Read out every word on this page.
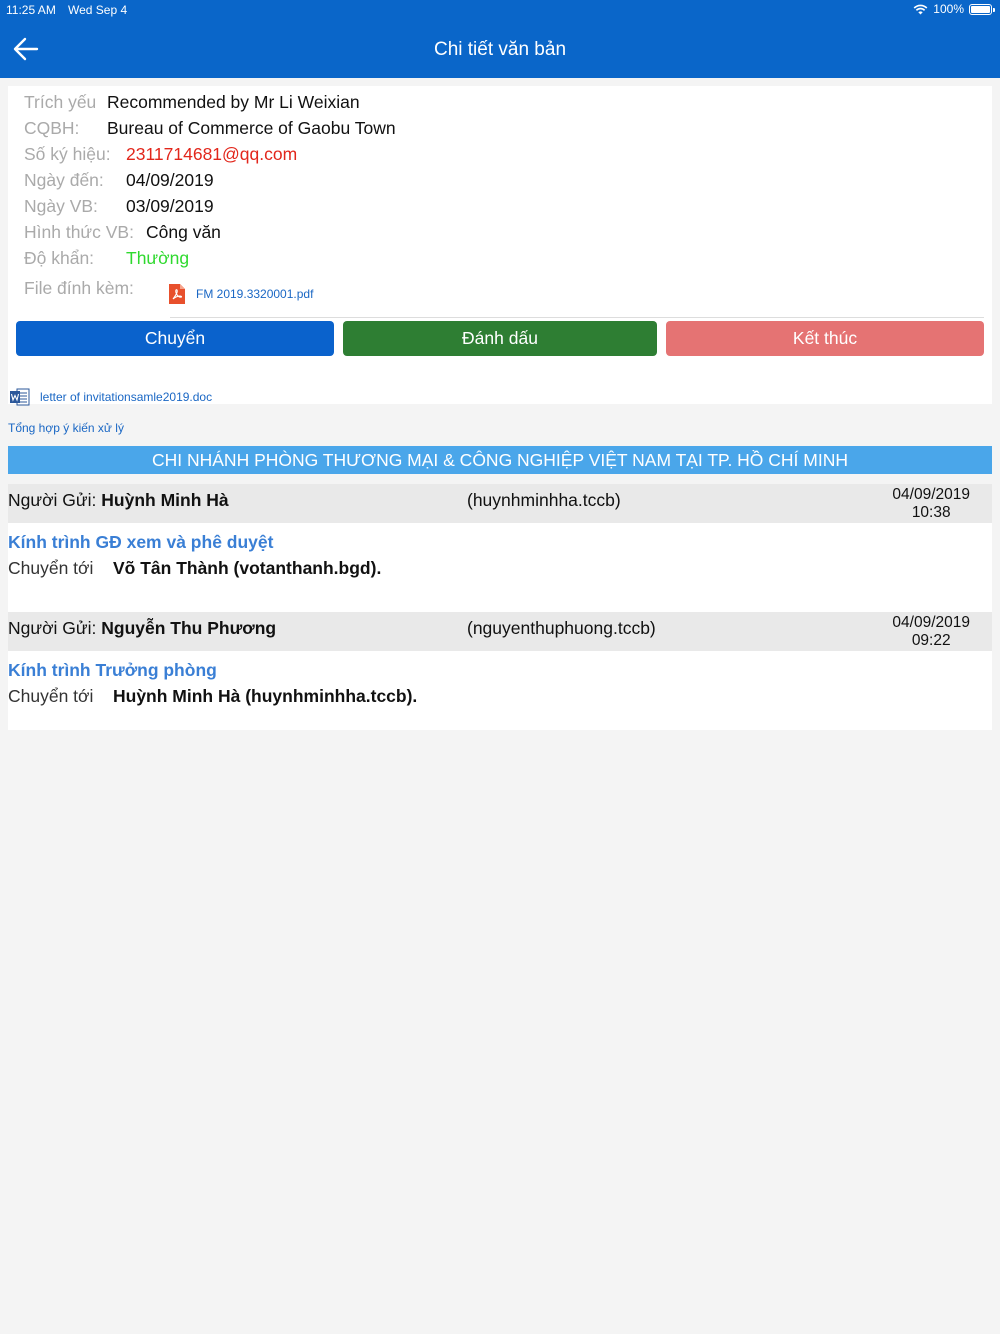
11:25 AM Wed Sep 4	100%
Chi tiết văn bản
Trích yếu Recommended by Mr Li Weixian
CQBH: Bureau of Commerce of Gaobu Town
Số ký hiệu: 2311714681@qq.com
Ngày đến: 04/09/2019
Ngày VB: 03/09/2019
Hình thức VB: Công văn
Độ khẩn: Thường
File đính kèm:	FM 2019.3320001.pdf
Chuyển	Đánh dấu	Kết thúc
letter of invitationsamle2019.doc
Tổng hợp ý kiến xử lý
CHI NHÁNH PHÒNG THƯƠNG MẠI & CÔNG NGHIỆP VIỆT NAM TẠI TP. HỒ CHÍ MINH
Người Gửi: Huỳnh Minh Hà	(huynhminhha.tccb)	04/09/2019
10:38
Kính trình GĐ xem và phê duyệt
Chuyển tới Võ Tân Thành (votanthanh.bgd).
Người Gửi: Nguyễn Thu Phương	(nguyenthuphuong.tccb)	04/09/2019
09:22
Kính trình Trưởng phòng
Chuyển tới Huỳnh Minh Hà (huynhminhha.tccb).
